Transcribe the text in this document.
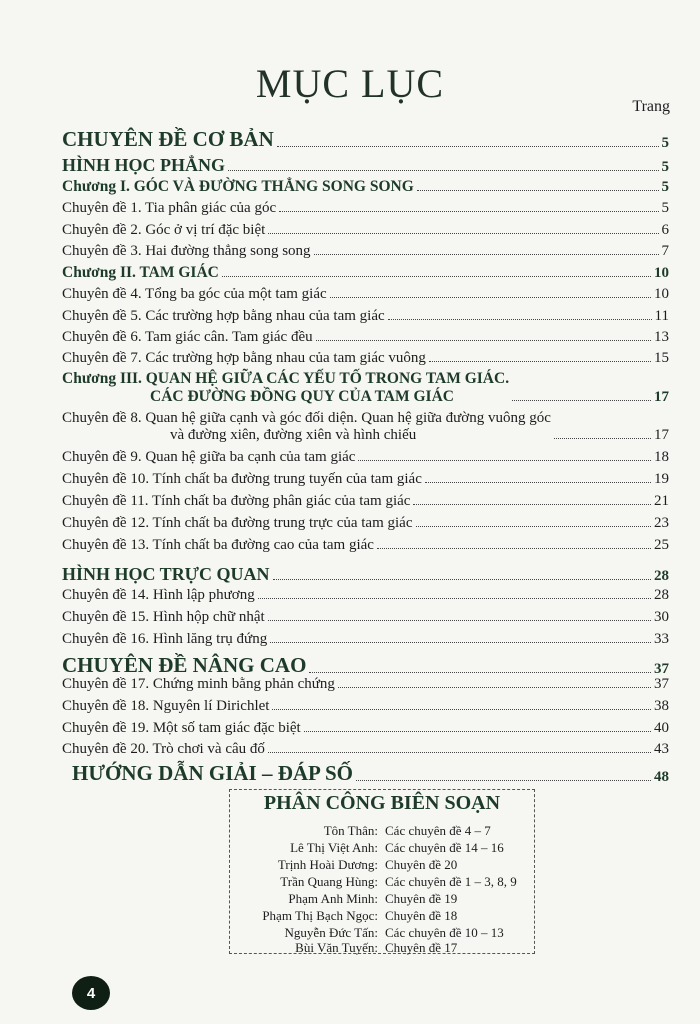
MỤC LỤC
Trang
CHUYÊN ĐỀ CƠ BẢN	5
HÌNH HỌC PHẲNG	5
Chương I. GÓC VÀ ĐƯỜNG THẲNG SONG SONG	5
Chuyên đề 1. Tia phân giác của góc	5
Chuyên đề 2. Góc ở vị trí đặc biệt	6
Chuyên đề 3. Hai đường thẳng song song	7
Chương II. TAM GIÁC	10
Chuyên đề 4. Tổng ba góc của một tam giác	10
Chuyên đề 5. Các trường hợp bằng nhau của tam giác	11
Chuyên đề 6. Tam giác cân. Tam giác đều	13
Chuyên đề 7. Các trường hợp bằng nhau của tam giác vuông	15
Chương III. QUAN HỆ GIỮA CÁC YẾU TỐ TRONG TAM GIÁC.
CÁC ĐƯỜNG ĐỒNG QUY CỦA TAM GIÁC	17
Chuyên đề 8. Quan hệ giữa cạnh và góc đối diện. Quan hệ giữa đường vuông góc
và đường xiên, đường xiên và hình chiếu	17
Chuyên đề 9. Quan hệ giữa ba cạnh của tam giác	18
Chuyên đề 10. Tính chất ba đường trung tuyến của tam giác	19
Chuyên đề 11. Tính chất ba đường phân giác của tam giác	21
Chuyên đề 12. Tính chất ba đường trung trực của tam giác	23
Chuyên đề 13. Tính chất ba đường cao của tam giác	25
HÌNH HỌC TRỰC QUAN	28
Chuyên đề 14. Hình lập phương	28
Chuyên đề 15. Hình hộp chữ nhật	30
Chuyên đề 16. Hình lăng trụ đứng	33
CHUYÊN ĐỀ NÂNG CAO	37
Chuyên đề 17. Chứng minh bằng phản chứng	37
Chuyên đề 18. Nguyên lí Dirichlet	38
Chuyên đề 19. Một số tam giác đặc biệt	40
Chuyên đề 20. Trò chơi và câu đố	43
HƯỚNG DẪN GIẢI – ĐÁP SỐ	48
PHÂN CÔNG BIÊN SOẠN
Tôn Thân: Các chuyên đề 4 – 7
Lê Thị Việt Anh: Các chuyên đề 14 – 16
Trịnh Hoài Dương: Chuyên đề 20
Trần Quang Hùng: Các chuyên đề 1 – 3, 8, 9
Phạm Anh Minh: Chuyên đề 19
Phạm Thị Bạch Ngọc: Chuyên đề 18
Nguyễn Đức Tấn: Các chuyên đề 10 – 13
Bùi Văn Tuyến: Chuyên đề 17
4
